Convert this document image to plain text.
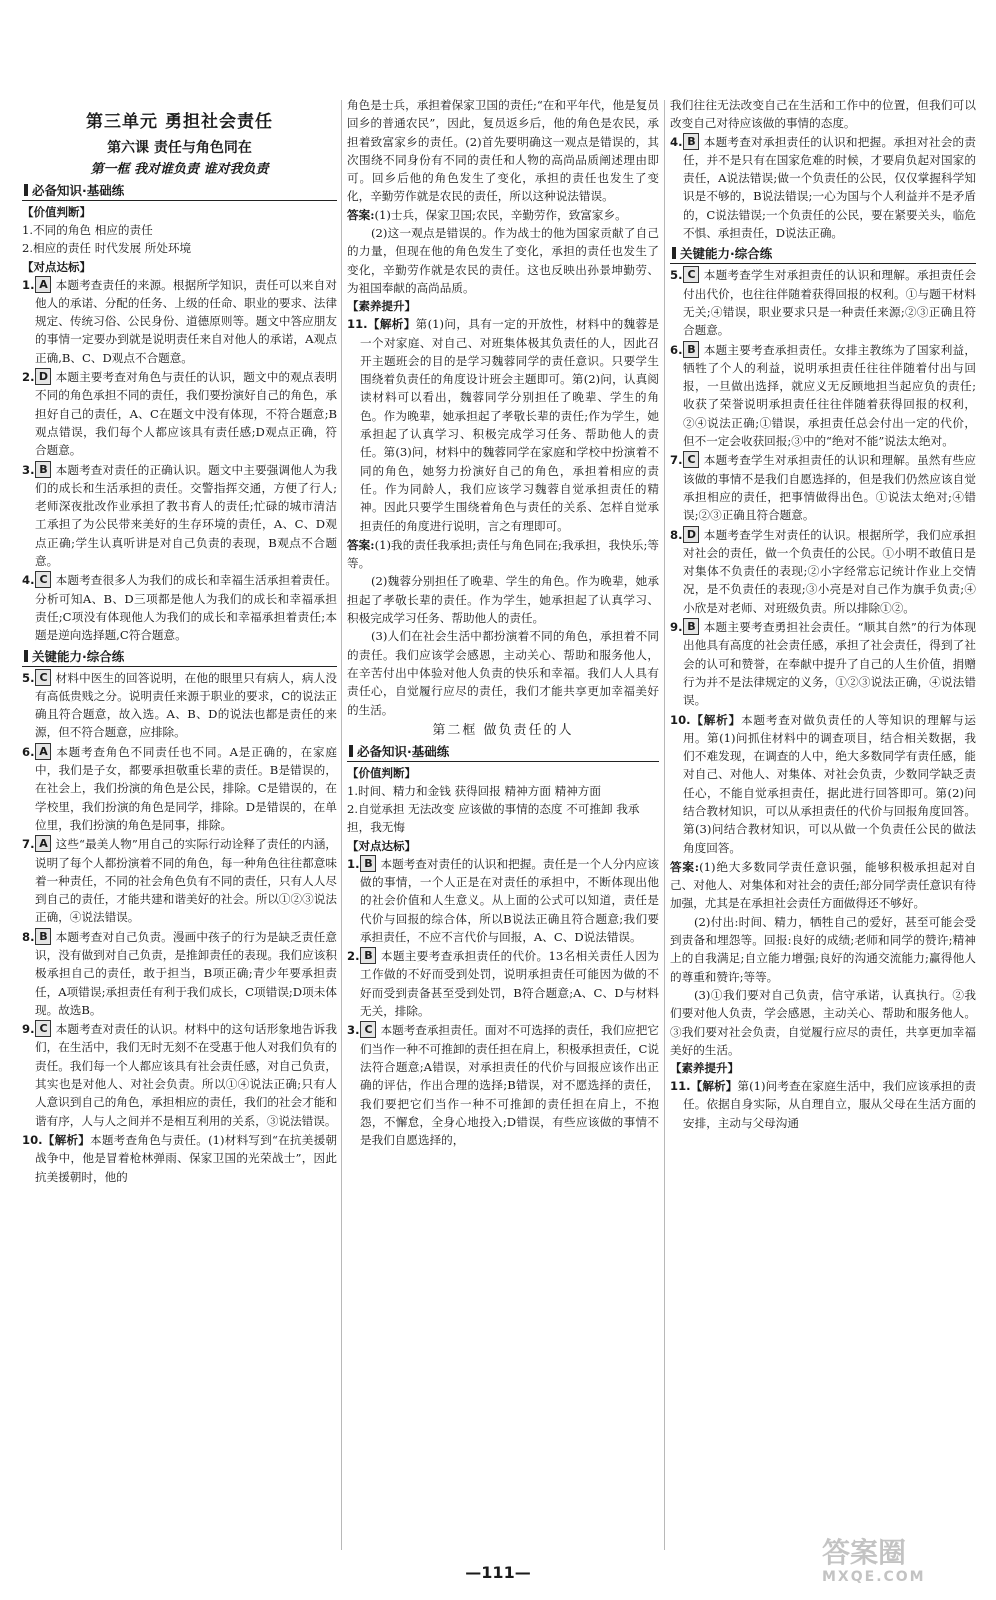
第三单元 勇担社会责任
第六课 责任与角色同在
第一框 我对谁负责 谁对我负责
必备知识·基础练
【价值判断】
1.不同的角色 相应的责任
2.相应的责任 时代发展 所处环境
【对点达标】
1. A 本题考查责任的来源。根据所学知识，责任可以来自对他人的承诺、分配的任务、上级的任命、职业的要求、法律规定、传统习俗、公民身份、道德原则等。题文中答应朋友的事情一定要办到就是说明责任来自对他人的承诺，A观点正确,B、C、D观点不合题意。
2. D 本题主要考查对角色与责任的认识，题文中的观点表明不同的角色承担不同的责任，我们要扮演好自己的角色，承担好自己的责任，A、C在题文中没有体现，不符合题意;B观点错误，我们每个人都应该具有责任感;D观点正确，符合题意。
3. B 本题考查对责任的正确认识。题文中主要强调他人为我们的成长和生活承担的责任。交警指挥交通，方便了行人;老师深夜批改作业承担了教书育人的责任;忙碌的城市清洁工承担了为公民带来美好的生存环境的责任，A、C、D观点正确;学生认真听讲是对自己负责的表现，B观点不合题意。
4. C 本题考查很多人为我们的成长和幸福生活承担着责任。分析可知A、B、D三项都是他人为我们的成长和幸福承担责任;C项没有体现他人为我们的成长和幸福承担着责任;本题是逆向选择题,C符合题意。
关键能力·综合练
5. C 材料中医生的回答说明，在他的眼里只有病人，病人没有高低贵贱之分。说明责任来源于职业的要求，C的说法正确且符合题意，故入选。A、B、D的说法也都是责任的来源，但不符合题意，应排除。
6. A 本题考查角色不同责任也不同。A是正确的，在家庭中，我们是子女，都要承担敬重长辈的责任。B是错误的，在社会上，我们扮演的角色是公民，排除。C是错误的，在学校里，我们扮演的角色是同学，排除。D是错误的，在单位里，我们扮演的角色是同事，排除。
7. A 这些“最美人物”用自己的实际行动诠释了责任的内涵，说明了每个人都扮演着不同的角色，每一种角色往往都意味着一种责任，不同的社会角色负有不同的责任，只有人人尽到自己的责任，才能共建和谐美好的社会。所以①②③说法正确，④说法错误。
8. B 本题考查对自己负责。漫画中孩子的行为是缺乏责任意识，没有做到对自己负责，是推卸责任的表现。我们应该积极承担自己的责任，敢于担当，B项正确;青少年要承担责任，A项错误;承担责任有利于我们成长，C项错误;D项未体现。故选B。
9. C 本题考查对责任的认识。材料中的这句话形象地告诉我们，在生活中，我们无时无刻不在受惠于他人对我们负有的责任。我们每一个人都应该具有社会责任感，对自己负责，其实也是对他人、对社会负责。所以①④说法正确;只有人人意识到自己的角色，承担相应的责任，我们的社会才能和谐有序，人与人之间并不是相互利用的关系，③说法错误。
10.【解析】本题考查角色与责任。(1)材料写到“在抗美援朝战争中，他是冒着枪林弹雨、保家卫国的光荣战士”，因此抗美援朝时，他的

角色是士兵，承担着保家卫国的责任;“在和平年代，他是复员回乡的普通农民”，因此，复员返乡后，他的角色是农民，承担着致富家乡的责任。(2)首先要明确这一观点是错误的，其次围绕不同身份有不同的责任和人物的高尚品质阐述理由即可。回乡后他的角色发生了变化，承担的责任也发生了变化，辛勤劳作就是农民的责任，所以这种说法错误。

答案:(1)士兵，保家卫国;农民，辛勤劳作，致富家乡。

(2)这一观点是错误的。作为战士的他为国家贡献了自己的力量，但现在他的角色发生了变化，承担的责任也发生了变化，辛勤劳作就是农民的责任。这也反映出孙景坤勤劳、为祖国奉献的高尚品质。

【素养提升】
11.【解析】第(1)问，具有一定的开放性，材料中的魏蓉是一个对家庭、对自己、对班集体极其负责任的人，因此召开主题班会的目的是学习魏蓉同学的责任意识。只要学生围绕着负责任的角度设计班会主题即可。第(2)问，认真阅读材料可以看出，魏蓉同学分别担任了晚辈、学生的角色。作为晚辈，她承担起了孝敬长辈的责任;作为学生，她承担起了认真学习、积极完成学习任务、帮助他人的责任。第(3)问，材料中的魏蓉同学在家庭和学校中扮演着不同的角色，她努力扮演好自己的角色，承担着相应的责任。作为同龄人，我们应该学习魏蓉自觉承担责任的精神。因此只要学生围绕着角色与责任的关系、怎样自觉承担责任的角度进行说明，言之有理即可。

答案:(1)我的责任我承担;责任与角色同在;我承担，我快乐;等等。

(2)魏蓉分别担任了晚辈、学生的角色。作为晚辈，她承担起了孝敬长辈的责任。作为学生，她承担起了认真学习、积极完成学习任务、帮助他人的责任。

(3)人们在社会生活中都扮演着不同的角色，承担着不同的责任。我们应该学会感恩，主动关心、帮助和服务他人，在辛苦付出中体验对他人负责的快乐和幸福。我们人人具有责任心，自觉履行应尽的责任，我们才能共享更加幸福美好的生活。

第二框 做负责任的人
必备知识·基础练
【价值判断】
1.时间、精力和金钱 获得回报 精神方面 精神方面
2.自觉承担 无法改变 应该做的事情的态度 不可推卸 我承担，我无悔
【对点达标】
1. B 本题考查对责任的认识和把握。责任是一个人分内应该做的事情，一个人正是在对责任的承担中，不断体现出他的社会价值和人生意义。从上面的公式可以知道，责任是代价与回报的综合体，所以B说法正确且符合题意;我们要承担责任，不应不言代价与回报，A、C、D说法错误。
2. B 本题主要考查承担责任的代价。13名相关责任人因为工作做的不好而受到处罚，说明承担责任可能因为做的不好而受到责备甚至受到处罚，B符合题意;A、C、D与材料无关，排除。
3. C 本题考查承担责任。面对不可选择的责任，我们应把它们当作一种不可推卸的责任担在肩上，积极承担责任，C说法符合题意;A错误，对承担责任的代价与回报应该作出正确的评估，作出合理的选择;B错误，对不愿选择的责任，我们要把它们当作一种不可推卸的责任担在肩上，不抱怨，不懈怠，全身心地投入;D错误，有些应该做的事情不是我们自愿选择的，

我们往往无法改变自己在生活和工作中的位置，但我们可以改变自己对待应该做的事情的态度。

4. B 本题考查对承担责任的认识和把握。承担对社会的责任，并不是只有在国家危难的时候，才要肩负起对国家的责任，A说法错误;做一个负责任的公民，仅仅掌握科学知识是不够的，B说法错误;一心为国与个人利益并不是矛盾的，C说法错误;一个负责任的公民，要在紧要关头，临危不惧、承担责任，D说法正确。
关键能力·综合练
5. C 本题考查学生对承担责任的认识和理解。承担责任会付出代价，也往往伴随着获得回报的权利。①与题干材料无关;④错误，职业要求只是一种责任来源;②③正确且符合题意。
6. B 本题主要考查承担责任。女排主教练为了国家利益，牺牲了个人的利益，说明承担责任往往伴随着付出与回报，一旦做出选择，就应义无反顾地担当起应负的责任;收获了荣誉说明承担责任往往伴随着获得回报的权利，②④说法正确;①错误，承担责任总会付出一定的代价，但不一定会收获回报;③中的“绝对不能”说法太绝对。
7. C 本题考查学生对承担责任的认识和理解。虽然有些应该做的事情不是我们自愿选择的，但是我们仍然应该自觉承担相应的责任，把事情做得出色。①说法太绝对;④错误;②③正确且符合题意。
8. D 本题考查学生对责任的认识。根据所学，我们应承担对社会的责任，做一个负责任的公民。①小明不敢值日是对集体不负责任的表现;②小字经常忘记统计作业上交情况，是不负责任的表现;③小亮是对自己作为旗手负责;④小欣是对老师、对班级负责。所以排除①②。
9. B 本题主要考查勇担社会责任。“顺其自然”的行为体现出他具有高度的社会责任感，承担了社会责任，得到了社会的认可和赞誉，在奉献中提升了自己的人生价值，捐赠行为并不是法律规定的义务，①②③说法正确，④说法错误。
10.【解析】本题考查对做负责任的人等知识的理解与运用。第(1)问抓住材料中的调查项目，结合相关数据，我们不难发现，在调查的人中，绝大多数同学有责任感，能对自己、对他人、对集体、对社会负责，少数同学缺乏责任心，不能自觉承担责任，据此进行回答即可。第(2)问结合教材知识，可以从承担责任的代价与回报角度回答。第(3)问结合教材知识，可以从做一个负责任公民的做法角度回答。

答案:(1)绝大多数同学责任意识强，能够积极承担起对自己、对他人、对集体和对社会的责任;部分同学责任意识有待加强，尤其是在承担社会责任方面做得还不够好。

(2)付出:时间、精力，牺牲自己的爱好，甚至可能会受到责备和埋怨等。回报:良好的成绩;老师和同学的赞许;精神上的自我满足;自立能力增强;良好的沟通交流能力;赢得他人的尊重和赞许;等等。

(3)①我们要对自己负责，信守承诺，认真执行。②我们要对他人负责，学会感恩，主动关心、帮助和服务他人。③我们要对社会负责，自觉履行应尽的责任，共享更加幸福美好的生活。

【素养提升】
11.【解析】第(1)问考查在家庭生活中，我们应该承担的责任。依据自身实际，从自理自立，服从父母在生活方面的安排，主动与父母沟通
—111—
答案圈
MXQE.COM
